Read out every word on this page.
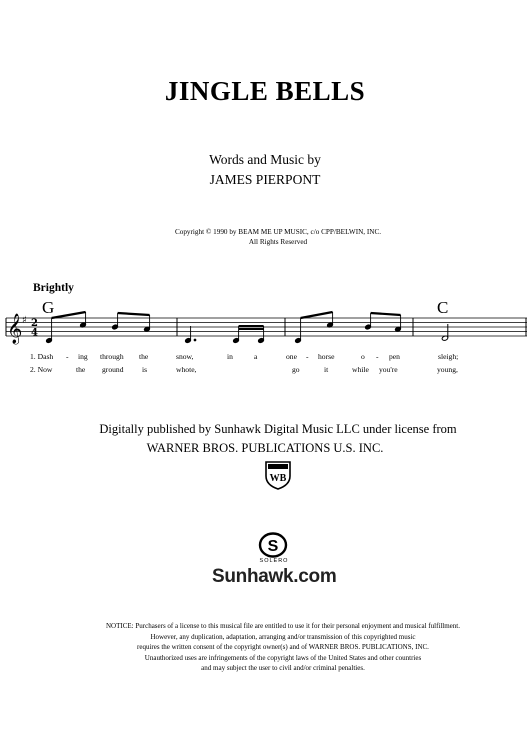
JINGLE BELLS
Words and Music by
JAMES PIERPONT
Copyright © 1990 by BEAM ME UP MUSIC, c/o CPP/BELWIN, INC.
All Rights Reserved
Brightly
G	C
𝄞 ♯ 2
4
1. Dash - ing through the	snow,	in	a	one - horse	o - pen	sleigh;
2. Now	the ground is	whote,	go	it	while you're	young,
Digitally published by Sunhawk Digital Music LLC under license from
WARNER BROS. PUBLICATIONS U.S. INC.
WB
S
SOLERO
Sunhawk.com
NOTICE: Purchasers of a license to this musical file are entitled to use it for their personal enjoyment and musical fulfillment.
However, any duplication, adaptation, arranging and/or transmission of this copyrighted music
requires the written consent of the copyright owner(s) and of WARNER BROS. PUBLICATIONS, INC.
Unauthorized uses are infringements of the copyright laws of the United States and other countries
and may subject the user to civil and/or criminal penalties.
